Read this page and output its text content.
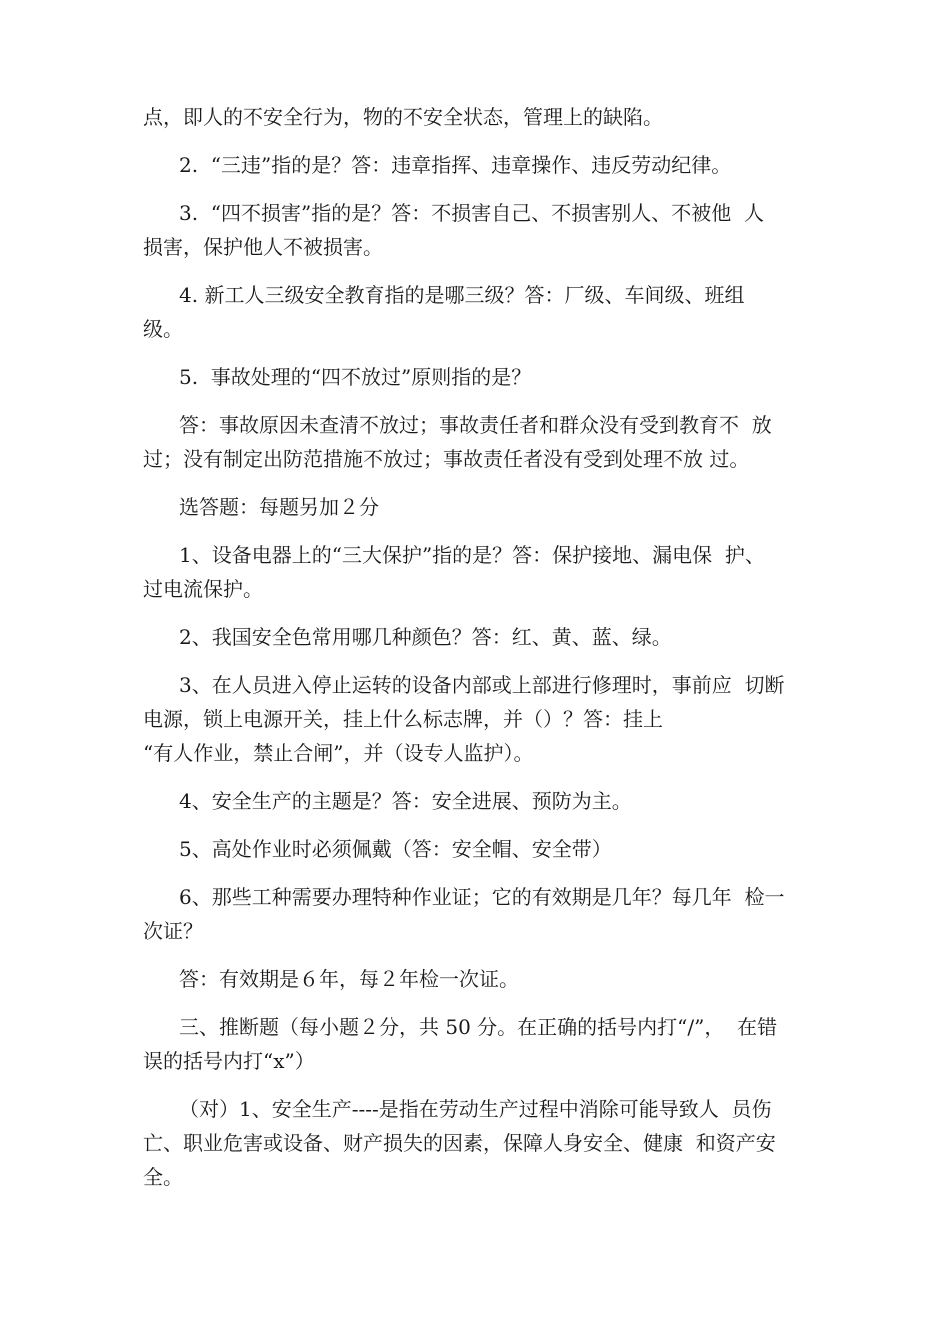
点，即人的不安全行为，物的不安全状态，管理上的缺陷。
2.  “三违”指的是？答：违章指挥、违章操作、违反劳动纪律。
3.  “四不损害”指的是？答：不损害自己、不损害别人、不被他  人
损害，保护他人不被损害。
4. 新工人三级安全教育指的是哪三级？答：厂级、车间级、班组
级。
5.  事故处理的“四不放过”原则指的是？
答：事故原因未查清不放过；事故责任者和群众没有受到教育不  放
过；没有制定出防范措施不放过；事故责任者没有受到处理不放 过。
选答题：每题另加２分
1、设备电器上的“三大保护”指的是？答：保护接地、漏电保  护、
过电流保护。
2、我国安全色常用哪几种颜色？答：红、黄、蓝、绿。
3、在人员进入停止运转的设备内部或上部进行修理时，事前应  切断
电源，锁上电源开关，挂上什么标志牌，并（）？答：挂上
“有人作业，禁止合闸”，并（设专人监护）。
4、安全生产的主题是？答：安全进展、预防为主。
5、高处作业时必须佩戴（答：安全帽、安全带）
6、那些工种需要办理特种作业证；它的有效期是几年？每几年  检一
次证？
答：有效期是６年，每２年检一次证。
三、推断题（每小题２分，共 50 分。在正确的括号内打“/”，  在错
误的括号内打“x”）
（对）1、安全生产----是指在劳动生产过程中消除可能导致人  员伤
亡、职业危害或设备、财产损失的因素，保障人身安全、健康  和资产安
全。
